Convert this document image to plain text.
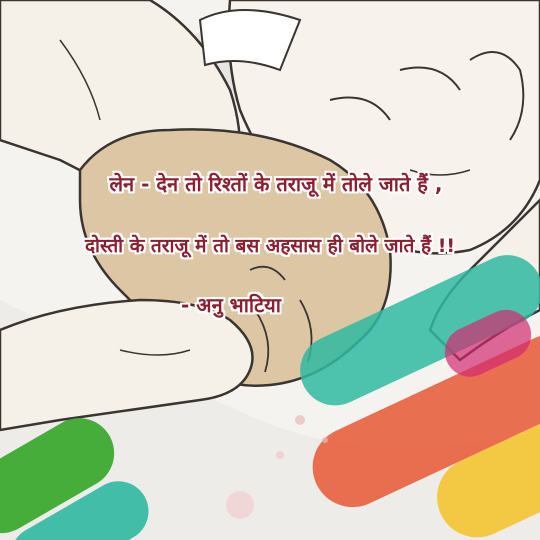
लेन - देन तो रिश्तों के तराजू में तोले जाते हैं ,
दोस्ती के तराजू में तो बस अहसास ही बोले जाते हैं !!
- अनु भाटिया
